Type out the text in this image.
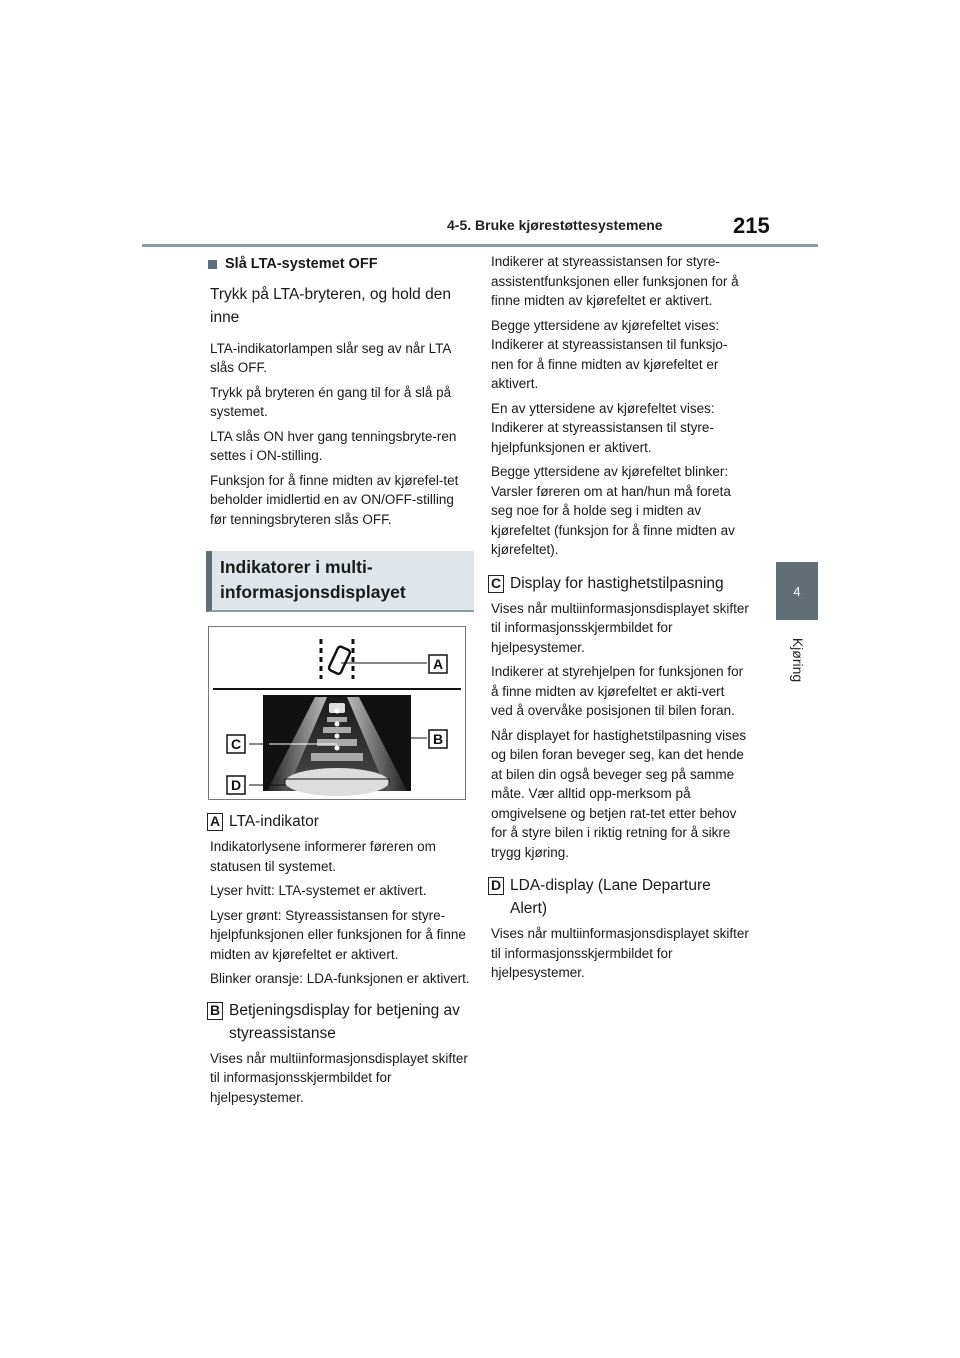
4-5. Bruke kjørestøttesystemene	215
4
Kjøring

Slå LTA-systemet OFF

Trykk på LTA-bryteren, og hold den inne

LTA-indikatorlampen slår seg av når LTA slås OFF.

Trykk på bryteren én gang til for å slå på systemet.

LTA slås ON hver gang tenningsbryte-ren settes i ON-stilling.

Funksjon for å finne midten av kjørefel-tet beholder imidlertid en av ON/OFF-stilling før tenningsbryteren slås OFF.

Indikatorer i multi-informasjonsdisplayet
A
B
C
D

A LTA-indikator

Indikatorlysene informerer føreren om statusen til systemet.

Lyser hvitt: LTA-systemet er aktivert.

Lyser grønt: Styreassistansen for styre-hjelpfunksjonen eller funksjonen for å finne midten av kjørefeltet er aktivert.

Blinker oransje: LDA-funksjonen er aktivert.

B Betjeningsdisplay for betjening av styreassistanse

Vises når multiinformasjonsdisplayet skifter til informasjonsskjermbildet for hjelpesystemer.

Indikerer at styreassistansen for styre-assistentfunksjonen eller funksjonen for å finne midten av kjørefeltet er aktivert.

Begge yttersidene av kjørefeltet vises: Indikerer at styreassistansen til funksjo-nen for å finne midten av kjørefeltet er aktivert.

En av yttersidene av kjørefeltet vises: Indikerer at styreassistansen til styre-hjelpfunksjonen er aktivert.

Begge yttersidene av kjørefeltet blinker: Varsler føreren om at han/hun må foreta seg noe for å holde seg i midten av kjørefeltet (funksjon for å finne midten av kjørefeltet).

C Display for hastighetstilpasning

Vises når multiinformasjonsdisplayet skifter til informasjonsskjermbildet for hjelpesystemer.

Indikerer at styrehjelpen for funksjonen for å finne midten av kjørefeltet er akti-vert ved å overvåke posisjonen til bilen foran.

Når displayet for hastighetstilpasning vises og bilen foran beveger seg, kan det hende at bilen din også beveger seg på samme måte. Vær alltid opp-merksom på omgivelsene og betjen rat-tet etter behov for å styre bilen i riktig retning for å sikre trygg kjøring.

D LDA-display (Lane Departure Alert)

Vises når multiinformasjonsdisplayet skifter til informasjonsskjermbildet for hjelpesystemer.
